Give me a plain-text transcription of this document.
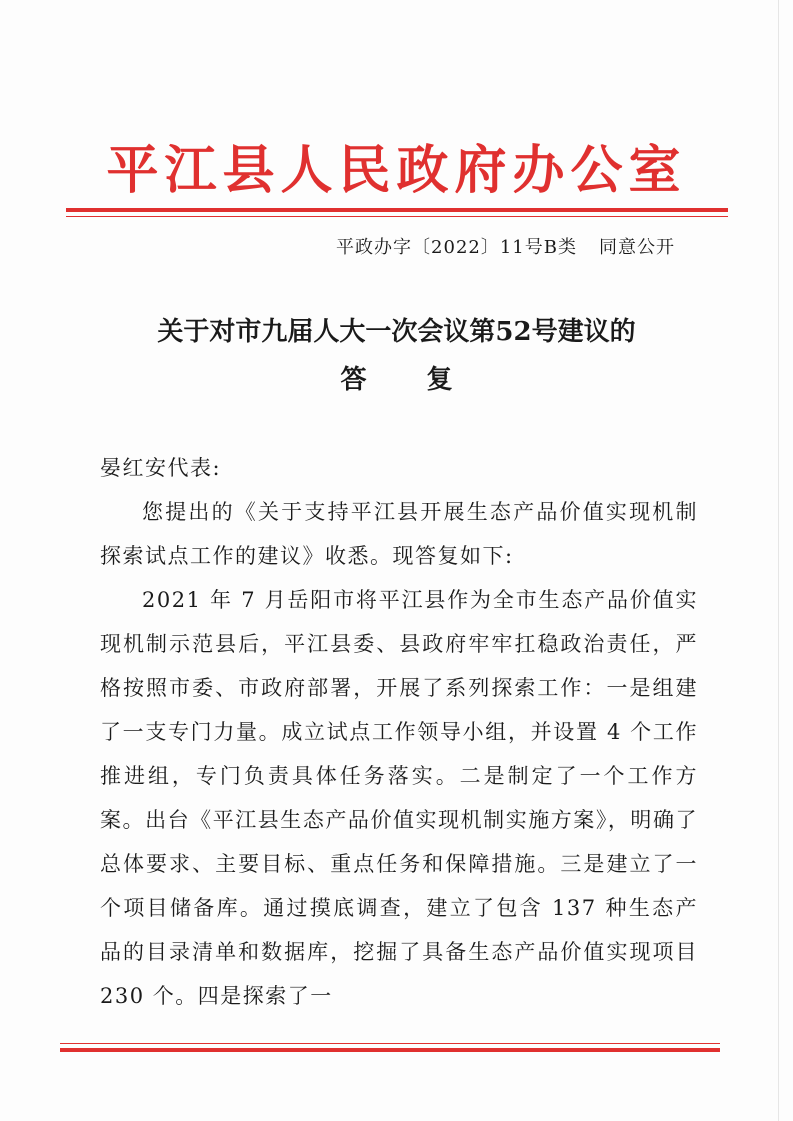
平江县人民政府办公室
平政办字〔2022〕11号B类 同意公开
关于对市九届人大一次会议第52号建议的
答复

晏红安代表:

您提出的《关于支持平江县开展生态产品价值实现机制探索试点工作的建议》收悉。现答复如下:

2021 年 7 月岳阳市将平江县作为全市生态产品价值实现机制示范县后，平江县委、县政府牢牢扛稳政治责任，严格按照市委、市政府部署，开展了系列探索工作：一是组建了一支专门力量。成立试点工作领导小组，并设置 4 个工作推进组，专门负责具体任务落实。二是制定了一个工作方案。出台《平江县生态产品价值实现机制实施方案》，明确了总体要求、主要目标、重点任务和保障措施。三是建立了一个项目储备库。通过摸底调查，建立了包含 137 种生态产品的目录清单和数据库，挖掘了具备生态产品价值实现项目 230 个。四是探索了一
